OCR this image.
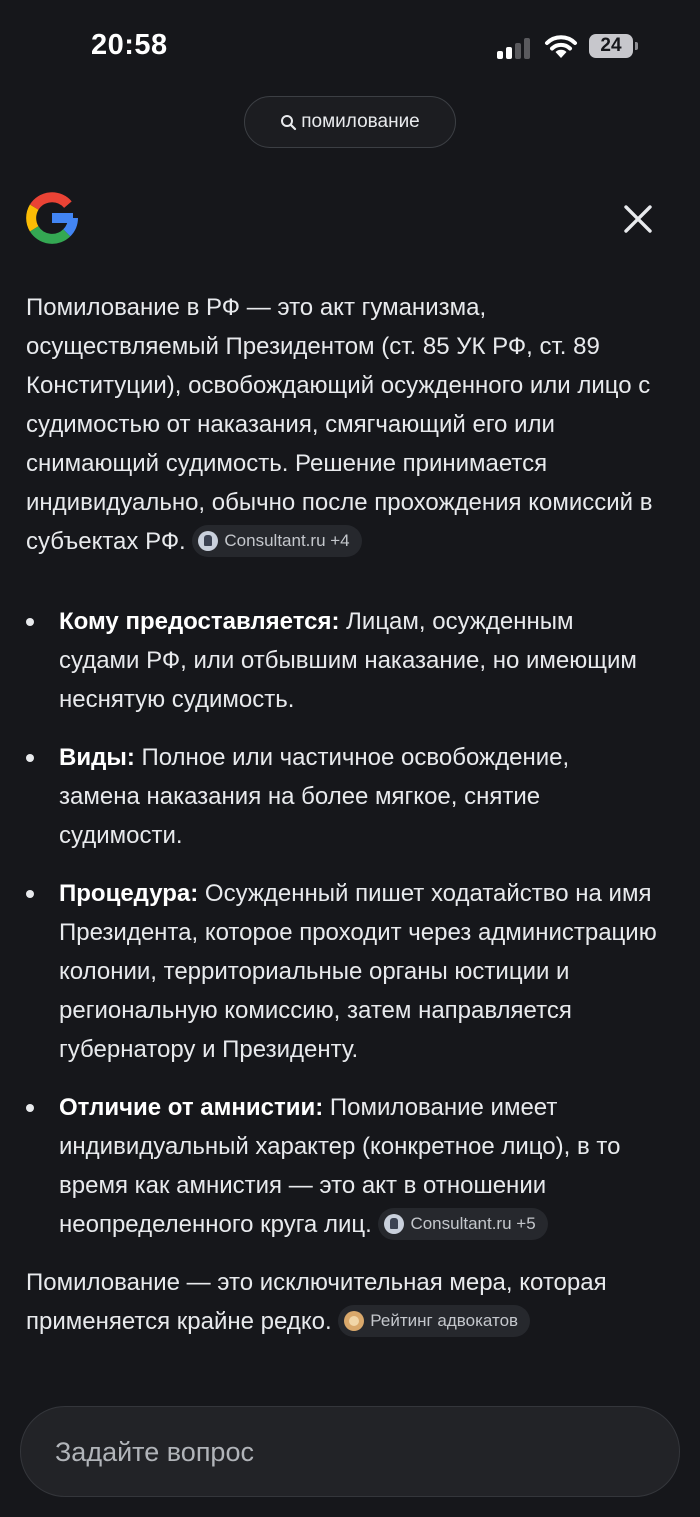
20:58	24
помилование

Помилование в РФ — это акт гуманизма, осуществляемый Президентом (ст. 85 УК РФ, ст. 89 Конституции), освобождающий осужденного или лицо с судимостью от наказания, смягчающий его или снимающий судимость. Решение принимается индивидуально, обычно после прохождения комиссий в субъектах РФ. Consultant.ru +4

Кому предоставляется: Лицам, осужденным судами РФ, или отбывшим наказание, но имеющим неснятую судимость.
Виды: Полное или частичное освобождение, замена наказания на более мягкое, снятие судимости.
Процедура: Осужденный пишет ходатайство на имя Президента, которое проходит через администрацию колонии, территориальные органы юстиции и региональную комиссию, затем направляется губернатору и Президенту.
Отличие от амнистии: Помилование имеет индивидуальный характер (конкретное лицо), в то время как амнистия — это акт в отношении неопределенного круга лиц. Consultant.ru +5

Помилование — это исключительная мера, которая применяется крайне редко. Рейтинг адвокатов

Задайте вопрос
